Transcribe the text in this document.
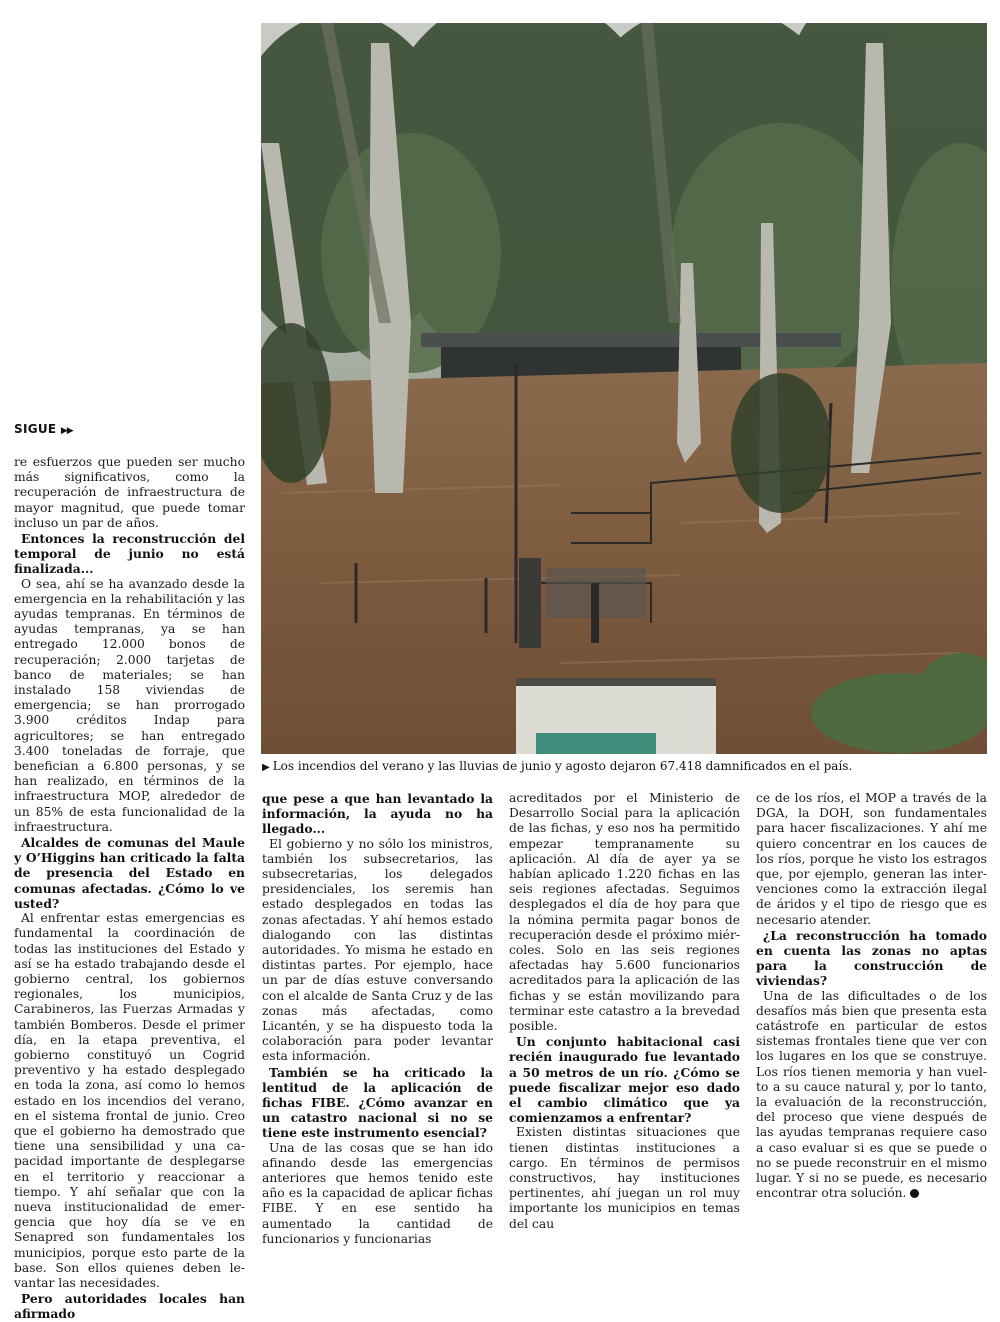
SIGUE ▶▶
▶ Los incendios del verano y las lluvias de junio y agosto dejaron 67.418 damnificados en el país.

re esfuerzos que pueden ser mucho más significativos, como la recuperación de infraestructura de mayor magnitud, que puede tomar incluso un par de años.

Entonces la reconstrucción del temporal de junio no está finalizada...

O sea, ahí se ha avanzado desde la emergencia en la rehabilitación y las ayudas tempranas. En términos de ayudas tempranas, ya se han entregado 12.000 bonos de recuperación; 2.000 tarjetas de banco de materiales; se han instalado 158 viviendas de emergencia; se han prorrogado 3.900 créditos Indap para agricultores; se han entregado 3.400 toneladas de forraje, que benefician a 6.800 personas, y se han realizado, en términos de la infraestructura MOP, alrededor de un 85% de esta funcionalidad de la infraestructura.

Alcaldes de comunas del Maule y O’Higgins han criticado la falta de presencia del Estado en comunas afectadas. ¿Cómo lo ve usted?

Al enfrentar estas emergencias es fundamental la coordinación de todas las instituciones del Estado y así se ha estado trabajando desde el gobierno central, los gobiernos regionales, los municipios, Carabineros, las Fuerzas Armadas y también Bomberos. Desde el primer día, en la etapa preventiva, el gobierno constituyó un Cogrid preventivo y ha estado desplegado en toda la zona, así como lo hemos estado en los incendios del verano, en el sistema frontal de junio. Creo que el gobierno ha demostrado que tiene una sensibilidad y una capacidad importante de desplegarse en el territorio y reaccionar a tiempo. Y ahí señalar que con la nueva institucionalidad de emergencia que hoy día se ve en Senapred son fundamentales los municipios, porque esto parte de la base. Son ellos quienes deben levantar las necesidades.

Pero autoridades locales han afirmado

que pese a que han levantado la información, la ayuda no ha llegado...

El gobierno y no sólo los ministros, también los subsecretarios, las subsecretarias, los delegados presidenciales, los seremis han estado desplegados en todas las zonas afectadas. Y ahí hemos estado dialogando con las distintas autoridades. Yo misma he estado en distintas partes. Por ejemplo, hace un par de días estuve conversando con el alcalde de Santa Cruz y de las zonas más afectadas, como Licantén, y se ha dispuesto toda la colaboración para poder levantar esta información.

También se ha criticado la lentitud de la aplicación de fichas FIBE. ¿Cómo avanzar en un catastro nacional si no se tiene este instrumento esencial?

Una de las cosas que se han ido afinando desde las emergencias anteriores que hemos tenido este año es la capacidad de aplicar fichas FIBE. Y en ese sentido ha aumentado la cantidad de funcionarios y funcionarias

acreditados por el Ministerio de Desarrollo Social para la aplicación de las fichas, y eso nos ha permitido empezar tempranamente su aplicación. Al día de ayer ya se habían aplicado 1.220 fichas en las seis regiones afectadas. Seguimos desplegados el día de hoy para que la nómina permita pagar bonos de recuperación desde el próximo miércoles. Solo en las seis regiones afectadas hay 5.600 funcionarios acreditados para la aplicación de las fichas y se están movilizando para terminar este catastro a la brevedad posible.

Un conjunto habitacional casi recién inaugurado fue levantado a 50 metros de un río. ¿Cómo se puede fiscalizar mejor eso dado el cambio climático que ya comienzamos a enfrentar?

Existen distintas situaciones que tienen distintas instituciones a cargo. En términos de permisos constructivos, hay instituciones pertinentes, ahí juegan un rol muy importante los municipios en temas del cau

ce de los ríos, el MOP a través de la DGA, la DOH, son fundamentales para hacer fiscalizaciones. Y ahí me quiero concentrar en los cauces de los ríos, porque he visto los estragos que, por ejemplo, generan las intervenciones como la extracción ilegal de áridos y el tipo de riesgo que es necesario atender.

¿La reconstrucción ha tomado en cuenta las zonas no aptas para la construcción de viviendas?

Una de las dificultades o de los desafíos más bien que presenta esta catástrofe en particular de estos sistemas frontales tiene que ver con los lugares en los que se construye. Los ríos tienen memoria y han vuelto a su cauce natural y, por lo tanto, la evaluación de la reconstrucción, del proceso que viene después de las ayudas tempranas requiere caso a caso evaluar si es que se puede o no se puede reconstruir en el mismo lugar. Y si no se puede, es necesario encontrar otra solución.
